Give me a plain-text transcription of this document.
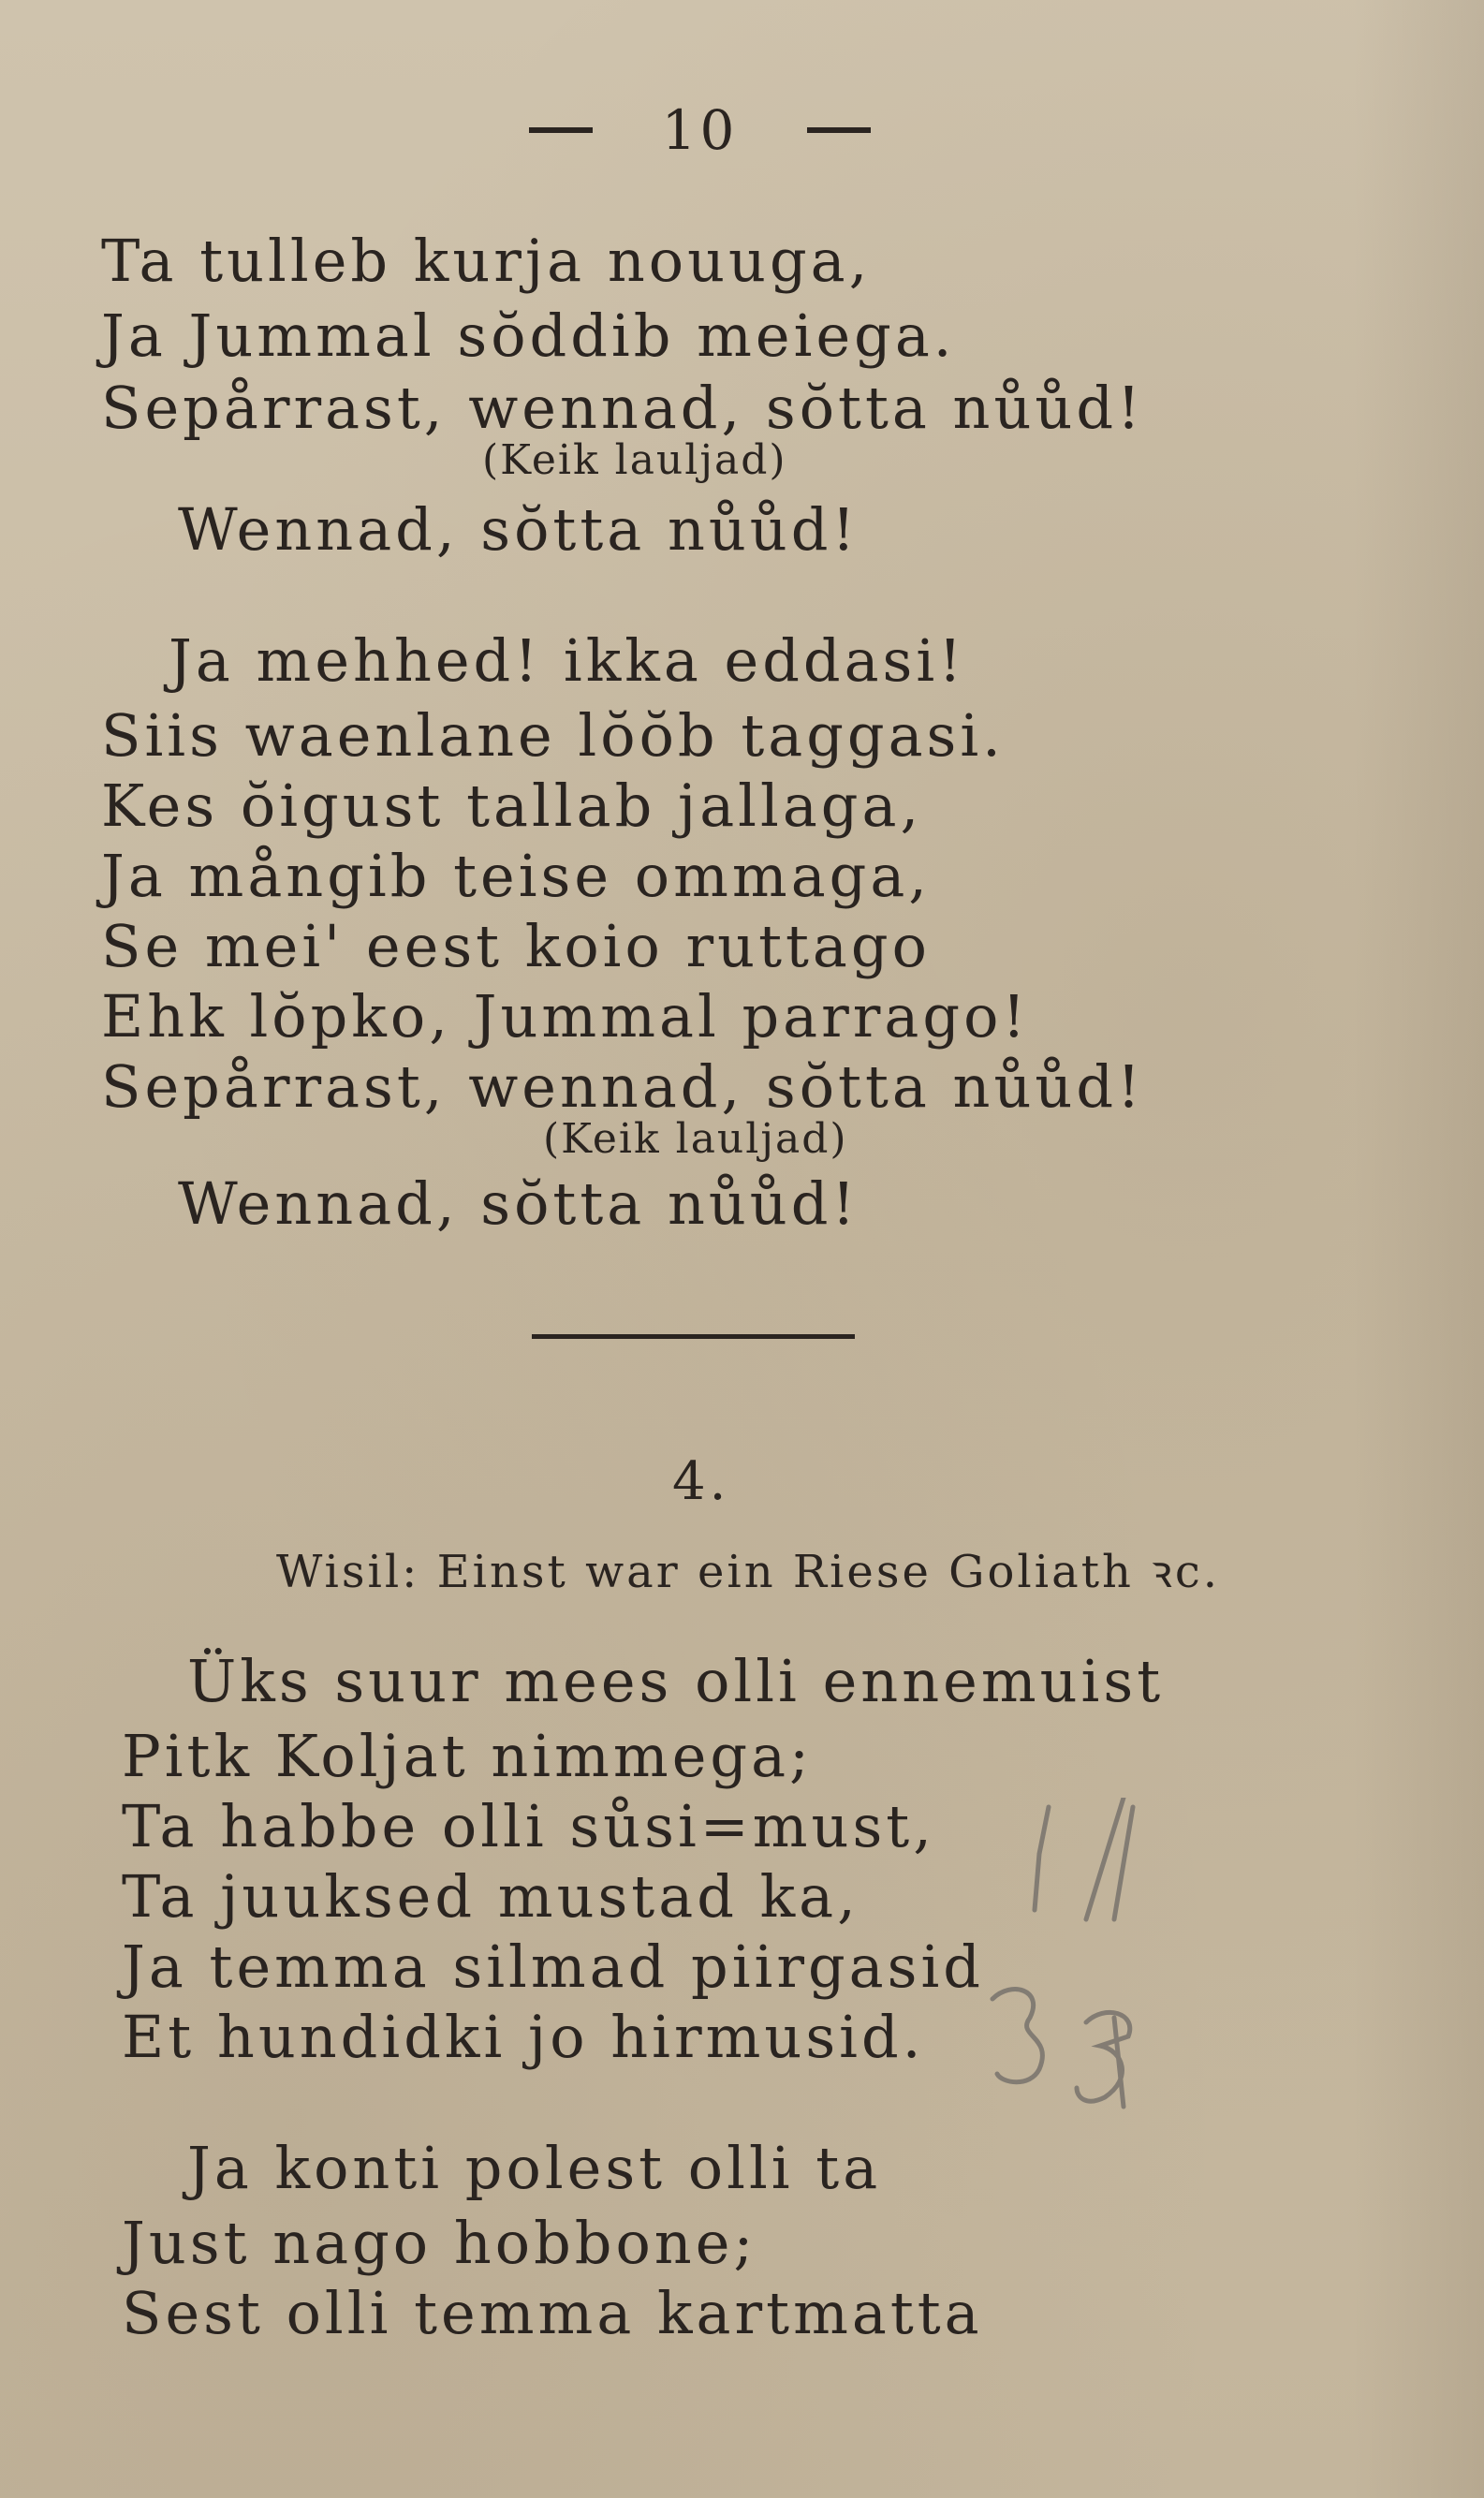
10
Ta tulleb kurja nouuga,
Ja Jummal sŏddib meiega.
Sepårrast, wennad, sŏtta nůůd!
(Keik lauljad)
Wennad, sŏtta nůůd!
Ja mehhed! ikka eddasi!
Siis waenlane lŏŏb taggasi.
Kes ŏigust tallab jallaga,
Ja mångib teise ommaga,
Se mei' eest koio ruttago
Ehk lŏpko, Jummal parrago!
Sepårrast, wennad, sŏtta nůůd!
(Keik lauljad)
Wennad, sŏtta nůůd!
4.
Wisil: Einst war ein Riese Goliath ꝛc.
Üks suur mees olli ennemuist
Pitk Koljat nimmega;
Ta habbe olli sůsi=must,
Ta juuksed mustad ka,
Ja temma silmad piirgasid
Et hundidki jo hirmusid.
Ja konti polest olli ta
Just nago hobbone;
Sest olli temma kartmatta
